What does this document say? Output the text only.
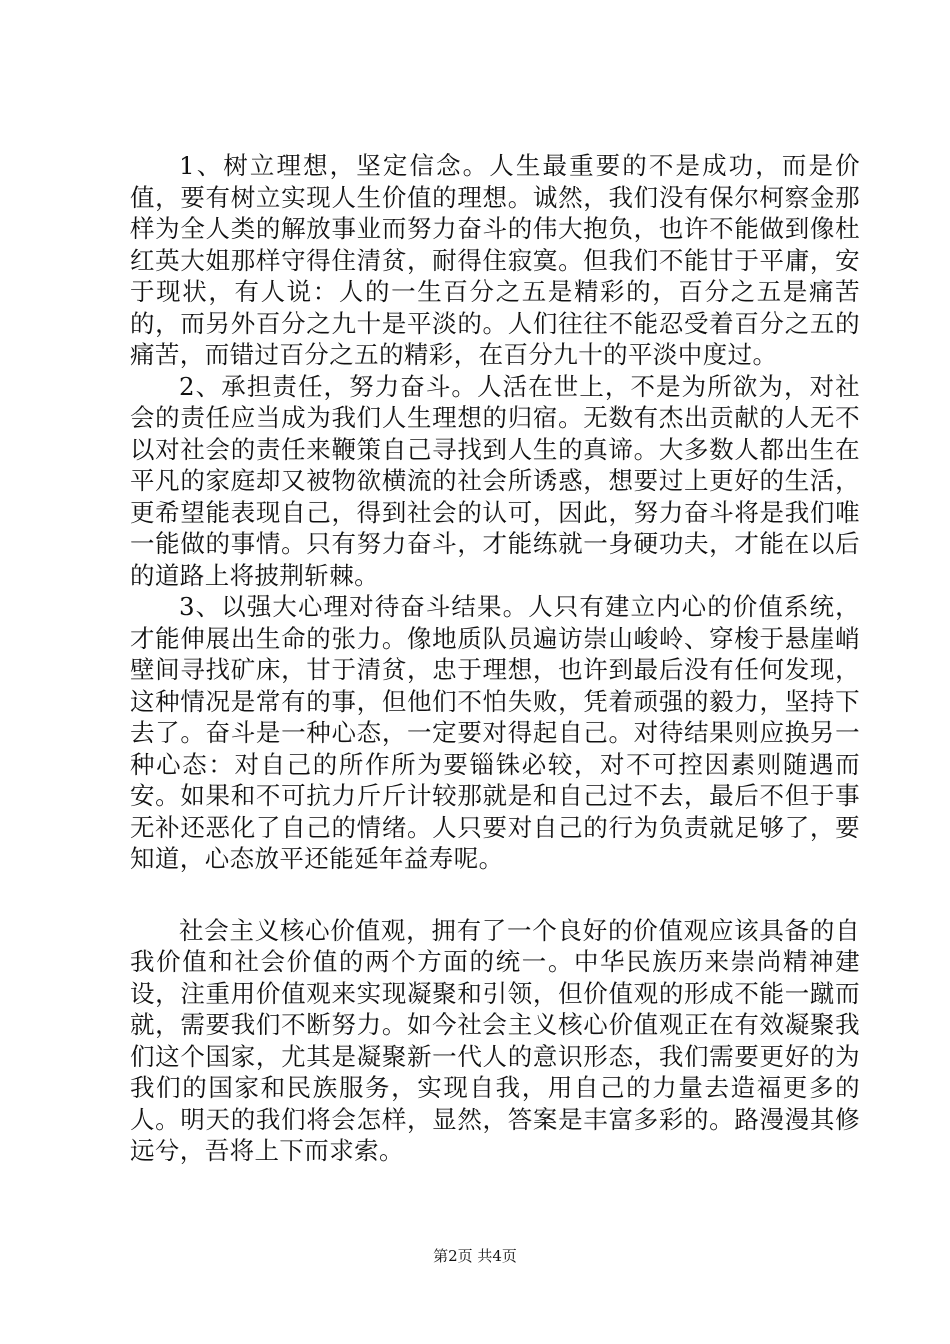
1、树立理想，坚定信念。人生最重要的不是成功，而是价值，要有树立实现人生价值的理想。诚然，我们没有保尔柯察金那样为全人类的解放事业而努力奋斗的伟大抱负，也许不能做到像杜红英大姐那样守得住清贫，耐得住寂寞。但我们不能甘于平庸，安于现状，有人说：人的一生百分之五是精彩的，百分之五是痛苦的，而另外百分之九十是平淡的。人们往往不能忍受着百分之五的痛苦，而错过百分之五的精彩，在百分九十的平淡中度过。

2、承担责任，努力奋斗。人活在世上，不是为所欲为，对社会的责任应当成为我们人生理想的归宿。无数有杰出贡献的人无不以对社会的责任来鞭策自己寻找到人生的真谛。大多数人都出生在平凡的家庭却又被物欲横流的社会所诱惑，想要过上更好的生活，更希望能表现自己，得到社会的认可，因此，努力奋斗将是我们唯一能做的事情。只有努力奋斗，才能练就一身硬功夫，才能在以后的道路上将披荆斩棘。

3、以强大心理对待奋斗结果。人只有建立内心的价值系统，才能伸展出生命的张力。像地质队员遍访崇山峻岭、穿梭于悬崖峭壁间寻找矿床，甘于清贫，忠于理想，也许到最后没有任何发现，这种情况是常有的事，但他们不怕失败，凭着顽强的毅力，坚持下去了。奋斗是一种心态，一定要对得起自己。对待结果则应换另一种心态：对自己的所作所为要锱铢必较，对不可控因素则随遇而安。如果和不可抗力斤斤计较那就是和自己过不去，最后不但于事无补还恶化了自己的情绪。人只要对自己的行为负责就足够了，要知道，心态放平还能延年益寿呢。

社会主义核心价值观，拥有了一个良好的价值观应该具备的自我价值和社会价值的两个方面的统一。中华民族历来崇尚精神建设，注重用价值观来实现凝聚和引领，但价值观的形成不能一蹴而就，需要我们不断努力。如今社会主义核心价值观正在有效凝聚我们这个国家，尤其是凝聚新一代人的意识形态，我们需要更好的为我们的国家和民族服务，实现自我，用自己的力量去造福更多的人。明天的我们将会怎样，显然，答案是丰富多彩的。路漫漫其修远兮，吾将上下而求索。

第2页 共4页
